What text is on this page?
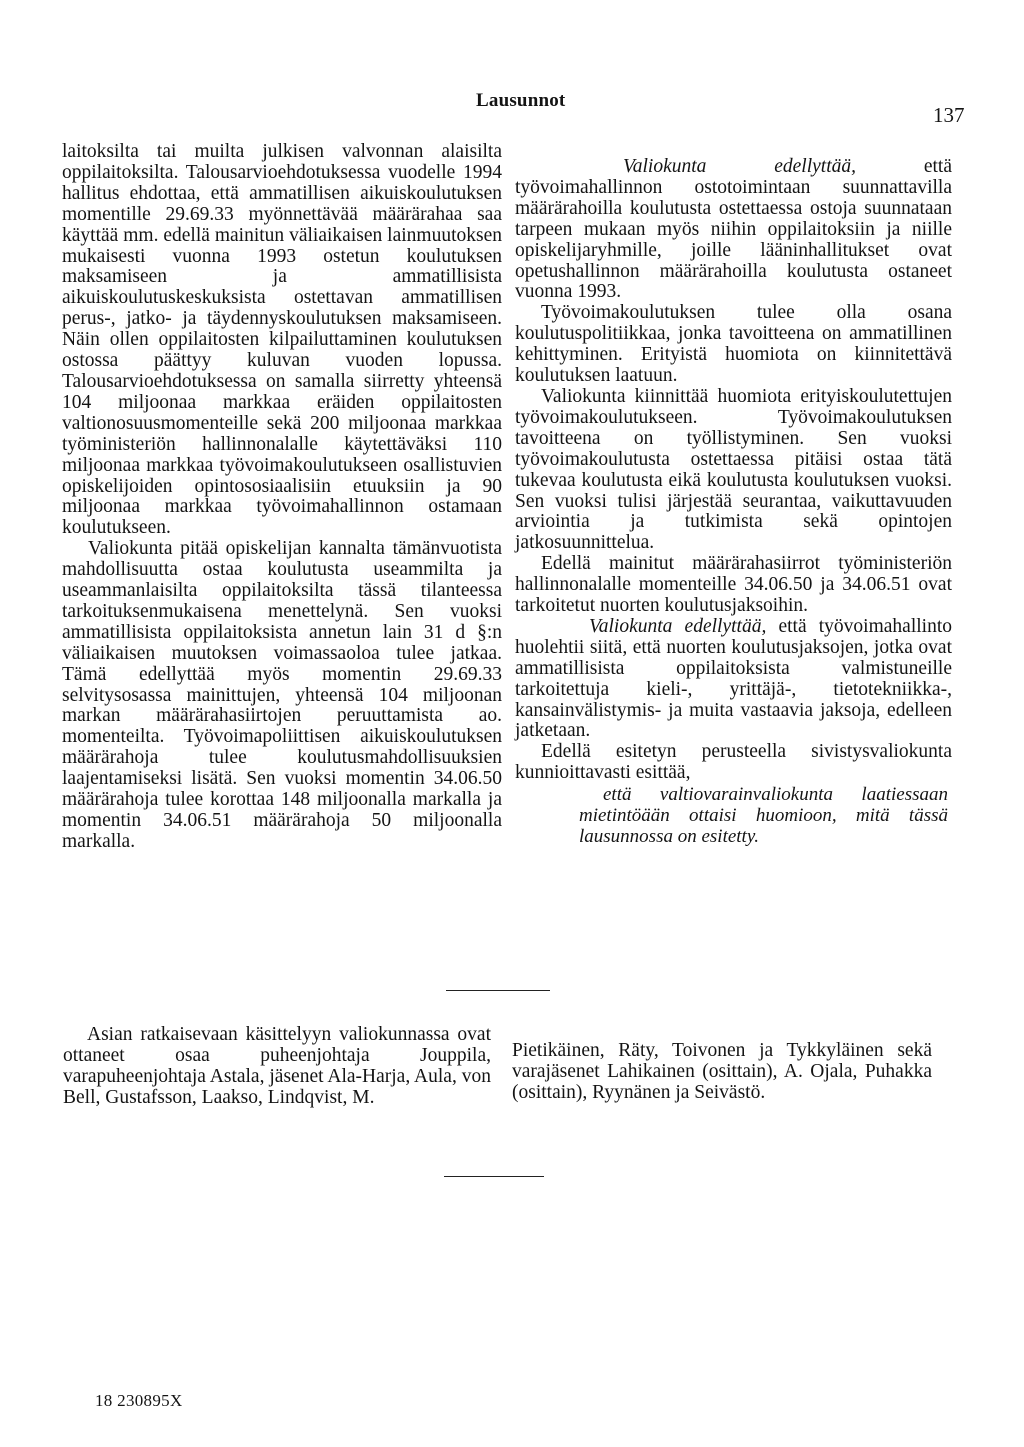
Lausunnot
137

laitoksilta tai muilta julkisen valvonnan alaisilta oppilaitoksilta. Talousarvioehdotuksessa vuodelle 1994 hallitus ehdottaa, että ammatillisen aikuiskoulutuksen momentille 29.69.33 myönnettävää määrärahaa saa käyttää mm. edellä mainitun väliaikaisen lainmuutoksen mukaisesti vuonna 1993 ostetun koulutuksen maksamiseen ja ammatillisista aikuiskoulutuskeskuksista ostettavan ammatillisen perus-, jatko- ja täydennyskoulutuksen maksamiseen. Näin ollen oppilaitosten kilpailuttaminen koulutuksen ostossa päättyy kuluvan vuoden lopussa. Talousarvioehdotuksessa on samalla siirretty yhteensä 104 miljoonaa markkaa eräiden oppilaitosten valtionosuusmomenteille sekä 200 miljoonaa markkaa työministeriön hallinnonalalle käytettäväksi 110 miljoonaa markkaa työvoimakoulutukseen osallistuvien opiskelijoiden opintososiaalisiin etuuksiin ja 90 miljoonaa markkaa työvoimahallinnon ostamaan koulutukseen.

Valiokunta pitää opiskelijan kannalta tämänvuotista mahdollisuutta ostaa koulutusta useammilta ja useammanlaisilta oppilaitoksilta tässä tilanteessa tarkoituksenmukaisena menettelynä. Sen vuoksi ammatillisista oppilaitoksista annetun lain 31 d §:n väliaikaisen muutoksen voimassaoloa tulee jatkaa. Tämä edellyttää myös momentin 29.69.33 selvitysosassa mainittujen, yhteensä 104 miljoonan markan määrärahasiirtojen peruuttamista ao. momenteilta. Työvoimapoliittisen aikuiskoulutuksen määrärahoja tulee koulutusmahdollisuuksien laajentamiseksi lisätä. Sen vuoksi momentin 34.06.50 määrärahoja tulee korottaa 148 miljoonalla markalla ja momentin 34.06.51 määrärahoja 50 miljoonalla markalla.

Valiokunta edellyttää, että työvoimahallinnon ostotoimintaan suunnattavilla määrärahoilla koulutusta ostettaessa ostoja suunnataan tarpeen mukaan myös niihin oppilaitoksiin ja niille opiskelijaryhmille, joille lääninhallitukset ovat opetushallinnon määrärahoilla koulutusta ostaneet vuonna 1993.

Työvoimakoulutuksen tulee olla osana koulutuspolitiikkaa, jonka tavoitteena on ammatillinen kehittyminen. Erityistä huomiota on kiinnitettävä koulutuksen laatuun.

Valiokunta kiinnittää huomiota erityiskoulutettujen työvoimakoulutukseen. Työvoimakoulutuksen tavoitteena on työllistyminen. Sen vuoksi työvoimakoulutusta ostettaessa pitäisi ostaa tätä tukevaa koulutusta eikä koulutusta koulutuksen vuoksi. Sen vuoksi tulisi järjestää seurantaa, vaikuttavuuden arviointia ja tutkimista sekä opintojen jatkosuunnittelua.

Edellä mainitut määrärahasiirrot työministeriön hallinnonalalle momenteille 34.06.50 ja 34.06.51 ovat tarkoitetut nuorten koulutusjaksoihin.

Valiokunta edellyttää, että työvoimahallinto huolehtii siitä, että nuorten koulutusjaksojen, jotka ovat ammatillisista oppilaitoksista valmistuneille tarkoitettuja kieli-, yrittäjä-, tietotekniikka-, kansainvälistymis- ja muita vastaavia jaksoja, edelleen jatketaan.

Edellä esitetyn perusteella sivistysvaliokunta kunnioittavasti esittää,

että valtiovarainvaliokunta laatiessaan mietintöään ottaisi huomioon, mitä tässä lausunnossa on esitetty.

Asian ratkaisevaan käsittelyyn valiokunnassa ovat ottaneet osaa puheenjohtaja Jouppila, varapuheenjohtaja Astala, jäsenet Ala-Harja, Aula, von Bell, Gustafsson, Laakso, Lindqvist, M.

Pietikäinen, Räty, Toivonen ja Tykkyläinen sekä varajäsenet Lahikainen (osittain), A. Ojala, Puhakka (osittain), Ryynänen ja Seivästö.

18 230895X
